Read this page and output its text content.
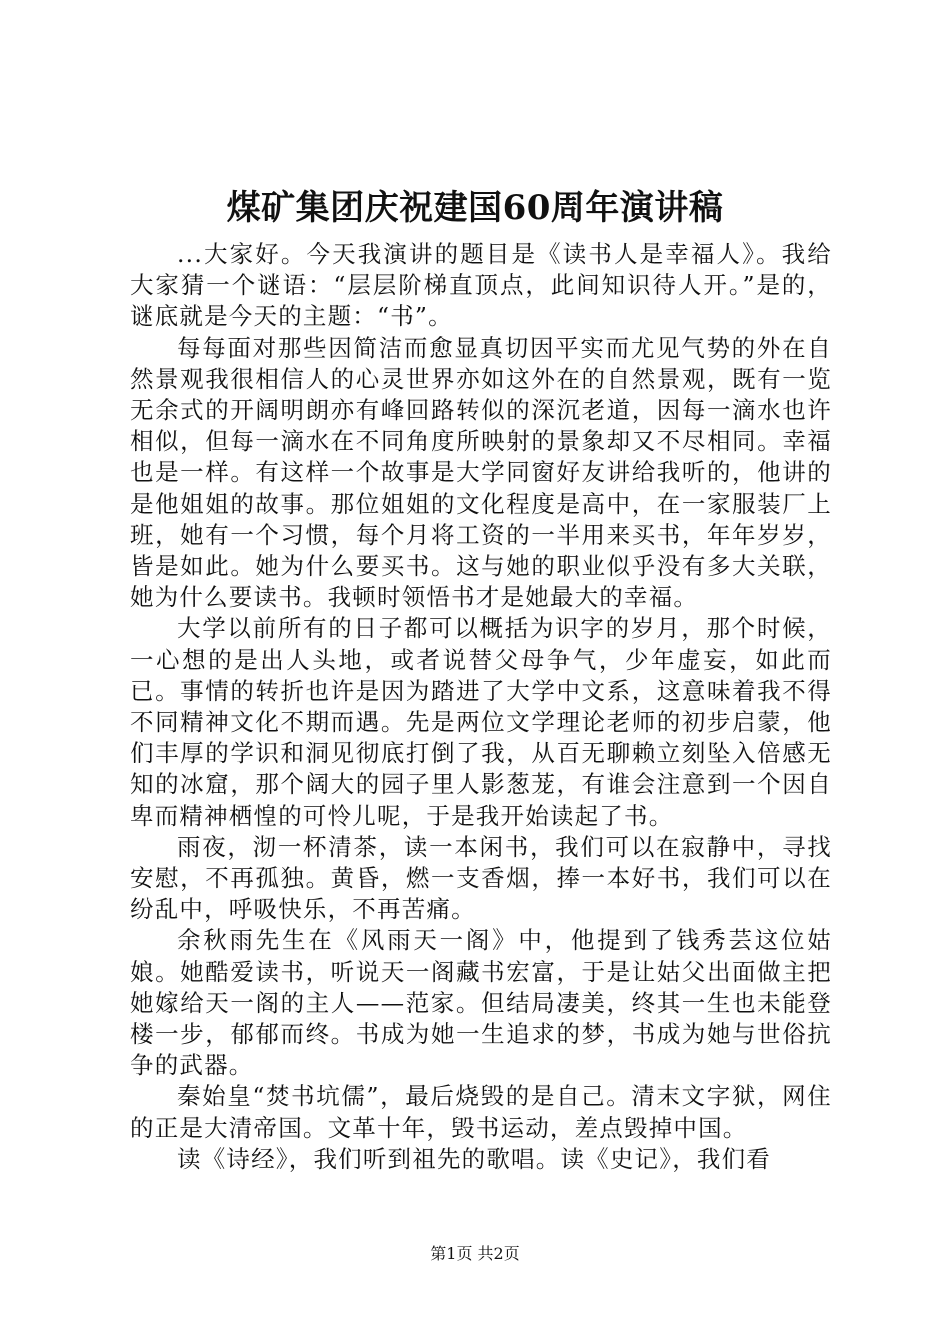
煤矿集团庆祝建国60周年演讲稿

...大家好。今天我演讲的题目是《读书人是幸福人》。我给大家猜一个谜语：“层层阶梯直顶点，此间知识待人开。”是的，谜底就是今天的主题：“书”。

每每面对那些因简洁而愈显真切因平实而尤见气势的外在自然景观我很相信人的心灵世界亦如这外在的自然景观，既有一览无余式的开阔明朗亦有峰回路转似的深沉老道，因每一滴水也许相似，但每一滴水在不同角度所映射的景象却又不尽相同。幸福也是一样。有这样一个故事是大学同窗好友讲给我听的，他讲的是他姐姐的故事。那位姐姐的文化程度是高中，在一家服装厂上班，她有一个习惯，每个月将工资的一半用来买书，年年岁岁，皆是如此。她为什么要买书。这与她的职业似乎没有多大关联，她为什么要读书。我顿时领悟书才是她最大的幸福。

大学以前所有的日子都可以概括为识字的岁月，那个时候，一心想的是出人头地，或者说替父母争气，少年虚妄，如此而已。事情的转折也许是因为踏进了大学中文系，这意味着我不得不同精神文化不期而遇。先是两位文学理论老师的初步启蒙，他们丰厚的学识和洞见彻底打倒了我，从百无聊赖立刻坠入倍感无知的冰窟，那个阔大的园子里人影葱茏，有谁会注意到一个因自卑而精神栖惶的可怜儿呢，于是我开始读起了书。

雨夜，沏一杯清茶，读一本闲书，我们可以在寂静中，寻找安慰，不再孤独。黄昏，燃一支香烟，捧一本好书，我们可以在纷乱中，呼吸快乐，不再苦痛。

余秋雨先生在《风雨天一阁》中，他提到了钱秀芸这位姑娘。她酷爱读书，听说天一阁藏书宏富，于是让姑父出面做主把她嫁给天一阁的主人——范家。但结局凄美，终其一生也未能登楼一步，郁郁而终。书成为她一生追求的梦，书成为她与世俗抗争的武器。

秦始皇“焚书坑儒”，最后烧毁的是自己。清末文字狱，网住的正是大清帝国。文革十年，毁书运动，差点毁掉中国。

读《诗经》，我们听到祖先的歌唱。读《史记》，我们看

第1页 共2页
